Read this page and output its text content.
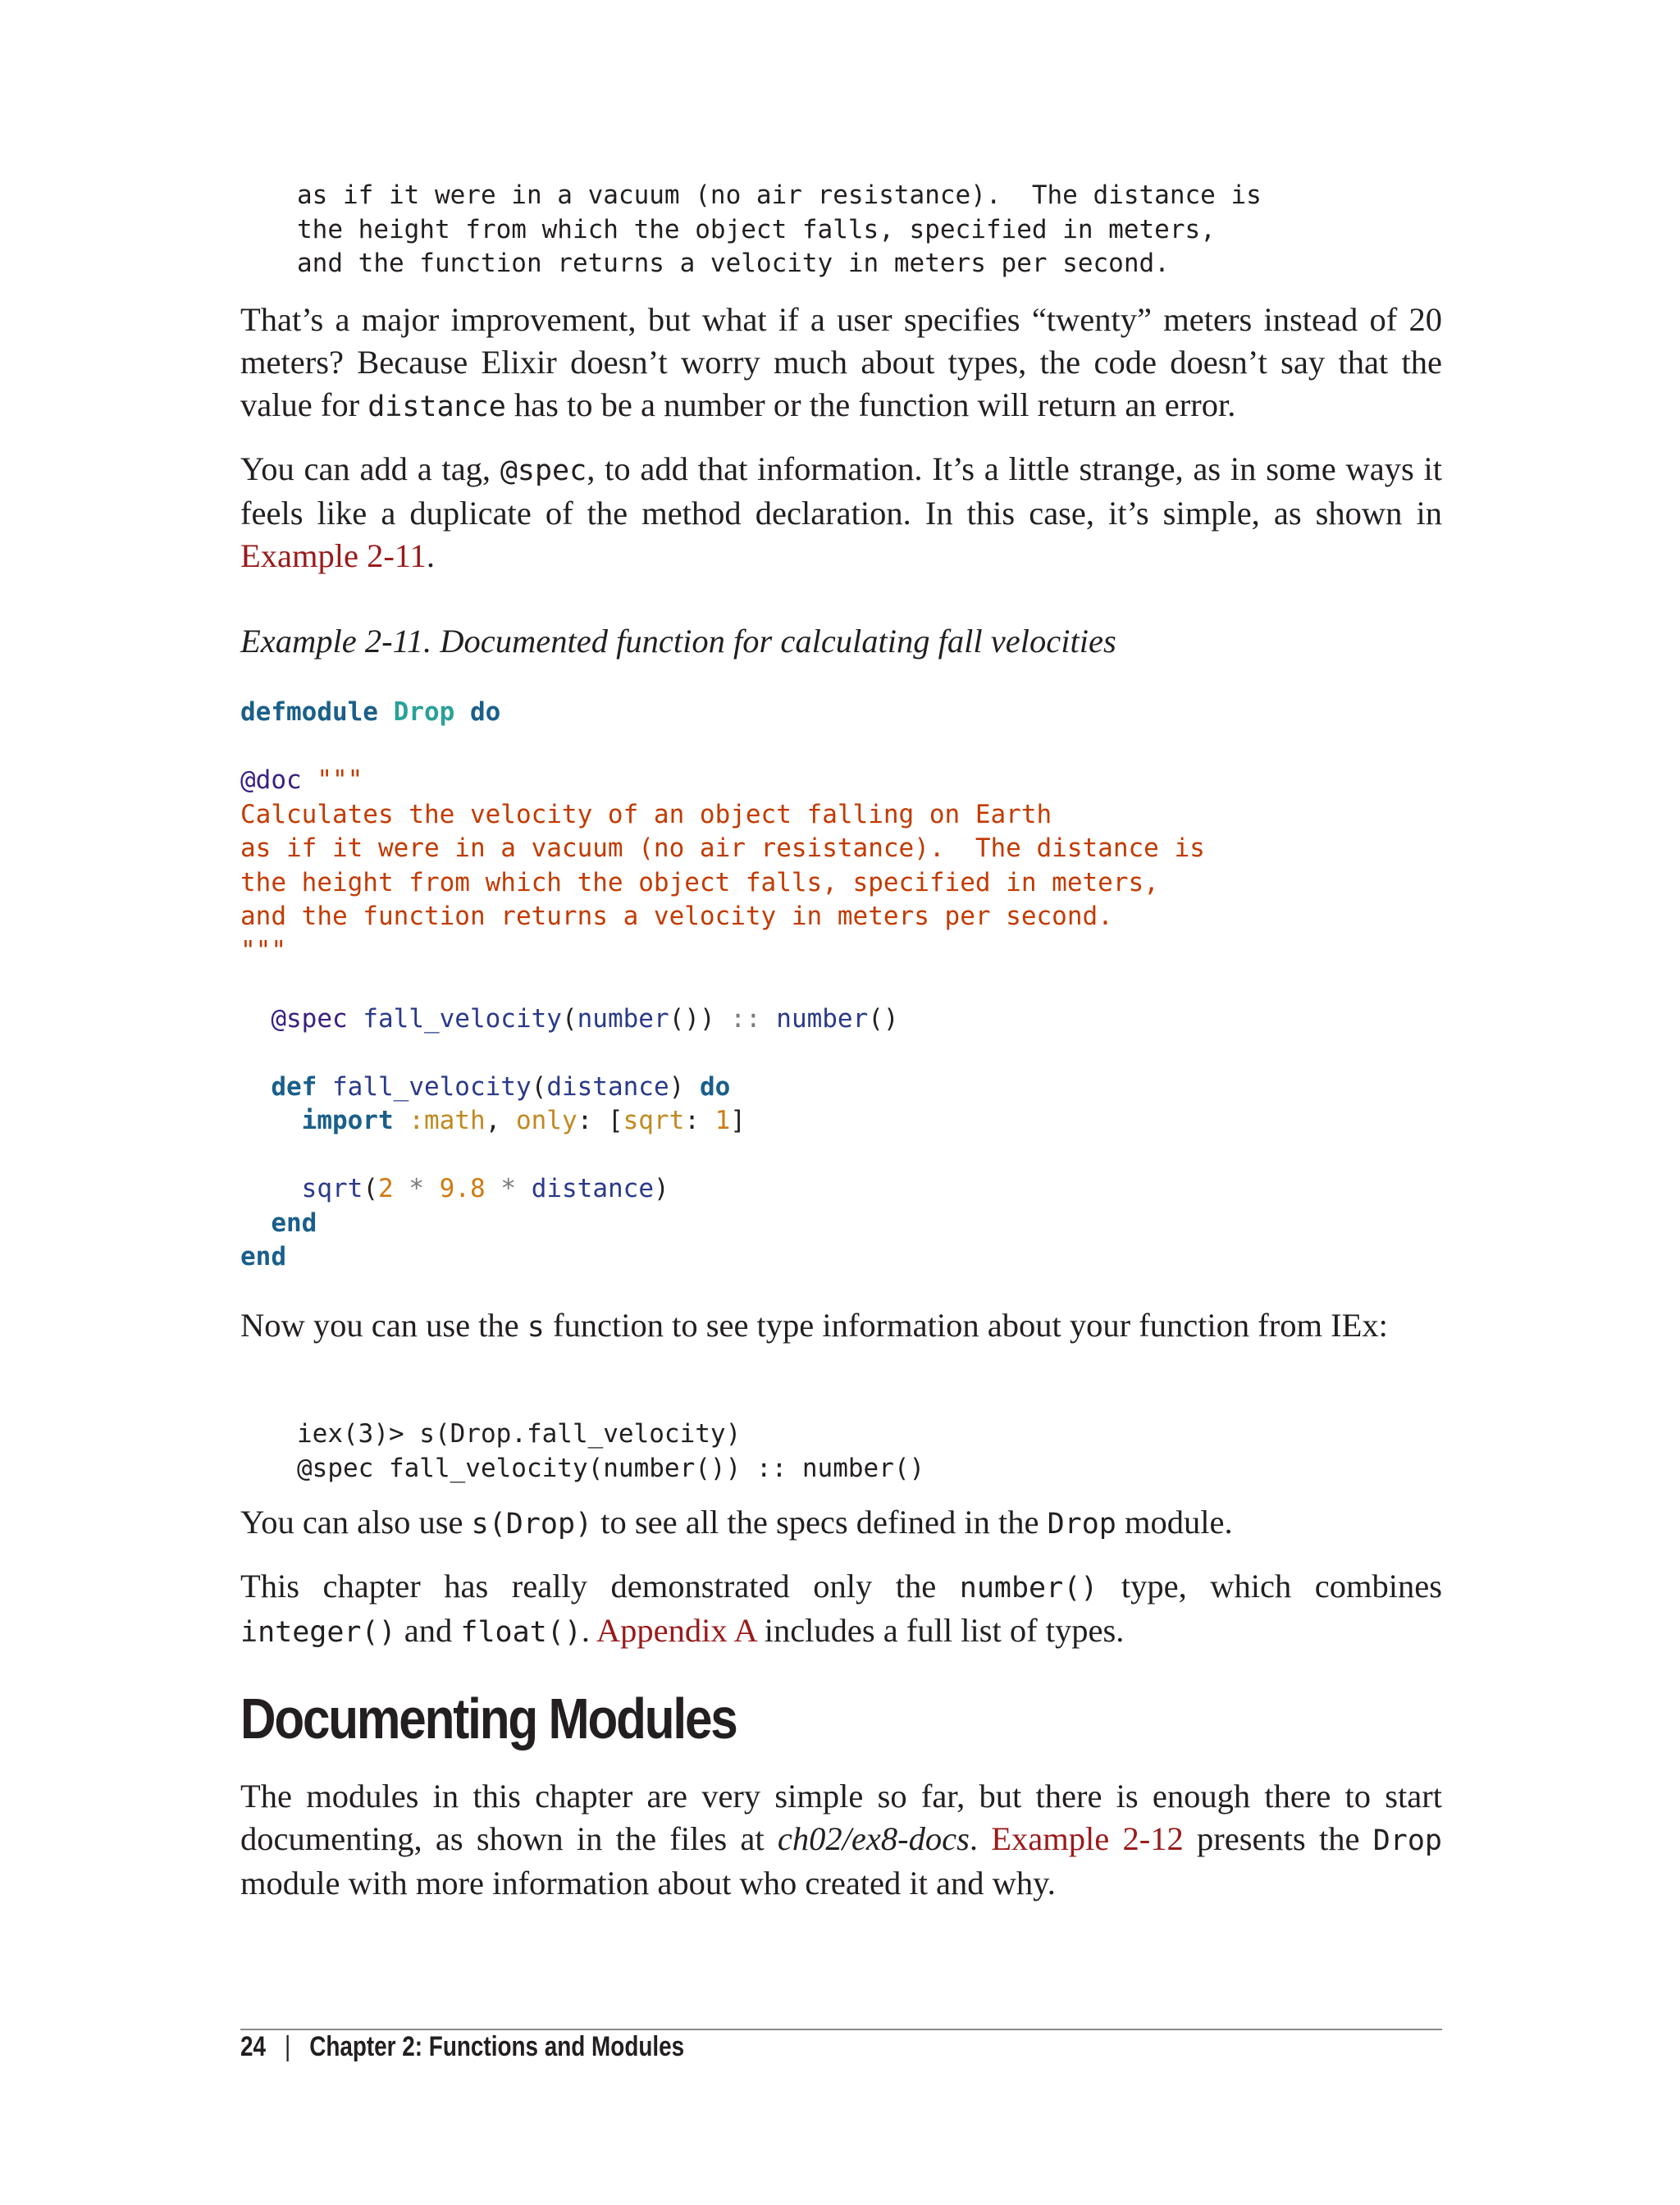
as if it were in a vacuum (no air resistance).  The distance is
the height from which the object falls, specified in meters,
and the function returns a velocity in meters per second.

That’s a major improvement, but what if a user specifies “twenty” meters instead of 20 meters? Because Elixir doesn’t worry much about types, the code doesn’t say that the value for distance has to be a number or the function will return an error.

You can add a tag, @spec, to add that information. It’s a little strange, as in some ways it feels like a duplicate of the method declaration. In this case, it’s simple, as shown in Example 2-11.

Example 2-11. Documented function for calculating fall velocities
defmodule Drop do

@doc """
Calculates the velocity of an object falling on Earth
as if it were in a vacuum (no air resistance).  The distance is
the height from which the object falls, specified in meters,
and the function returns a velocity in meters per second.
"""

@spec fall_velocity(number()) :: number()

def fall_velocity(distance) do
import :math, only: [sqrt: 1]

sqrt(2 * 9.8 * distance)
end
end

Now you can use the s function to see type information about your function from IEx:

iex(3)> s(Drop.fall_velocity)
@spec fall_velocity(number()) :: number()

You can also use s(Drop) to see all the specs defined in the Drop module.

This chapter has really demonstrated only the number() type, which combines integer() and float(). Appendix A includes a full list of types.

Documenting Modules

The modules in this chapter are very simple so far, but there is enough there to start documenting, as shown in the files at ch02/ex8-docs. Example 2-12 presents the Drop module with more information about who created it and why.

24 | Chapter 2: Functions and Modules
